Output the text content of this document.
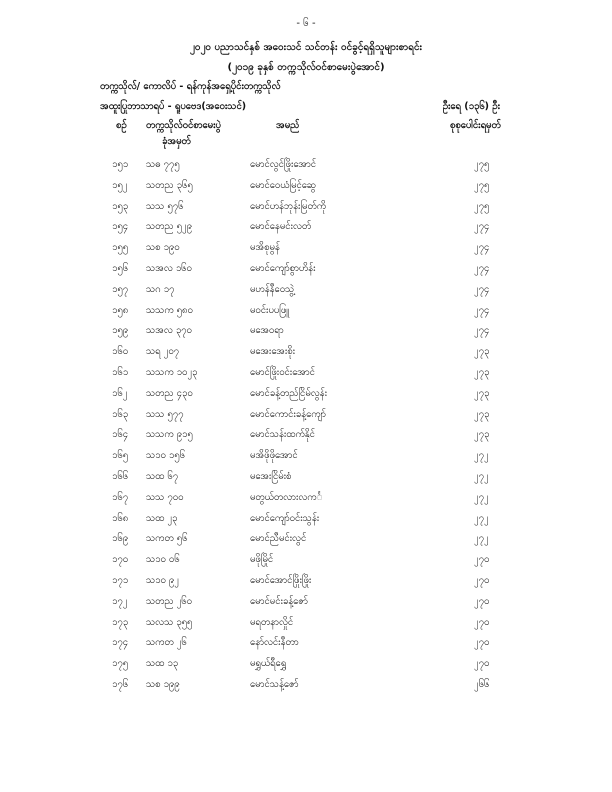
- ၆ -
၂၀၂၀ ပညာသင်နှစ် အဝေးသင် သင်တန်း ဝင်ခွင့်ရရှိသူများစာရင်း
(၂၀၁၉ ခုနှစ် တက္ကသိုလ်ဝင်စာမေးပွဲအောင်)
တက္ကသိုလ်/ ကောလိပ် - ရန်ကုန်အရှေ့ပိုင်းတက္ကသိုလ်
အထူးပြုဘာသာရပ် - ရူပဗေဒ(အဝေးသင်)	ဦးရေ (၁၃၆) ဦး
စဉ် တက္ကသိုလ်ဝင်စာမေးပွဲ
ခုံအမှတ်
အမည်	စုစုပေါင်းရမှတ်
၁၅၁ သဓ ၇၇၅	မောင်လွင်ဖြိုးအောင်	၂၇၅
၁၅၂ သတည ၃၆၅	မောင်ဝေယံမြင့်ဆွေ	၂၇၅
၁၅၃ သသ ၅၇၆	မောင်ဟန်ဘုန်းမြတ်ကို	၂၇၅
၁၅၄ သတည ၅၂၉	မောင်နေမင်းလတ်	၂၇၄
၁၅၅ သစ ၁၉၀	မအိစုမွန်	၂၇၄
၁၅၆ သအလ ၁၆၀	မောင်ကျော်စွာဟိန်း	၂၇၄
၁၅၇ သဂ ၁၇	မဟန်နီဝေသွဲ့	၂၇၄
၁၅၈ သသက ၅၈၀	မဝင်းပပဖြူ	၂၇၄
၁၅၉ သအလ ၃၇၀	မအေဝရာ	၂၇၄
၁၆၀ သရ ၂၀၇	မအေးအေးစိုး	၂၇၃
၁၆၁ သသက ၁၀၂၃	မောင်ဖြိုးဝင်းအောင်	၂၇၃
၁၆၂ သတည ၄၃၀	မောင်ခန့်တည်ငြိမ်လွန်း	၂၇၃
၁၆၃ သသ ၅၇၇	မောင်ကောင်းခန့်ကျော်	၂၇၃
၁၆၄ သသက ၉၁၅	မောင်သန်းထက်နိုင်	၂၇၃
၁၆၅ သ၁၀ ၁၅၆	မအိဖိုဖိုအောင်	၂၇၂
၁၆၆ သထ ၆၇	မအေးငြိမ်းစံ	၂၇၂
၁၆၇ သသ ၇၀၀	မတွယ်တလားလကင်္	၂၇၂
၁၆၈ သထ ၂၃	မောင်ကျော်ဝင်းသွန်း	၂၇၂
၁၆၉ သကတ ၅၆	မောင်ညီမင်းလွင်	၂၇၂
၁၇၀ သ၁၀ ၀၆	မဖိုမြိုင်	၂၇၀
၁၇၁ သ၁၀ ၉၂	မောင်အောင်ဖြိုးဖြိုး	၂၇၀
၁၇၂ သတည ၂၆၀	မောင်မင်းခန့်ဇော်	၂၇၀
၁၇၃ သလသ ၃၅၅	မရတနာလှိုင်	၂၇၀
၁၇၄ သကတ ၂၆	နော်လင်းနီတာ	၂၇၀
၁၇၅ သထ ၁၃	မရွှယ်ရီရွှေ	၂၇၀
၁၇၆ သစ ၁၉၉	မောင်သန့်ဇော်	၂၆၆
